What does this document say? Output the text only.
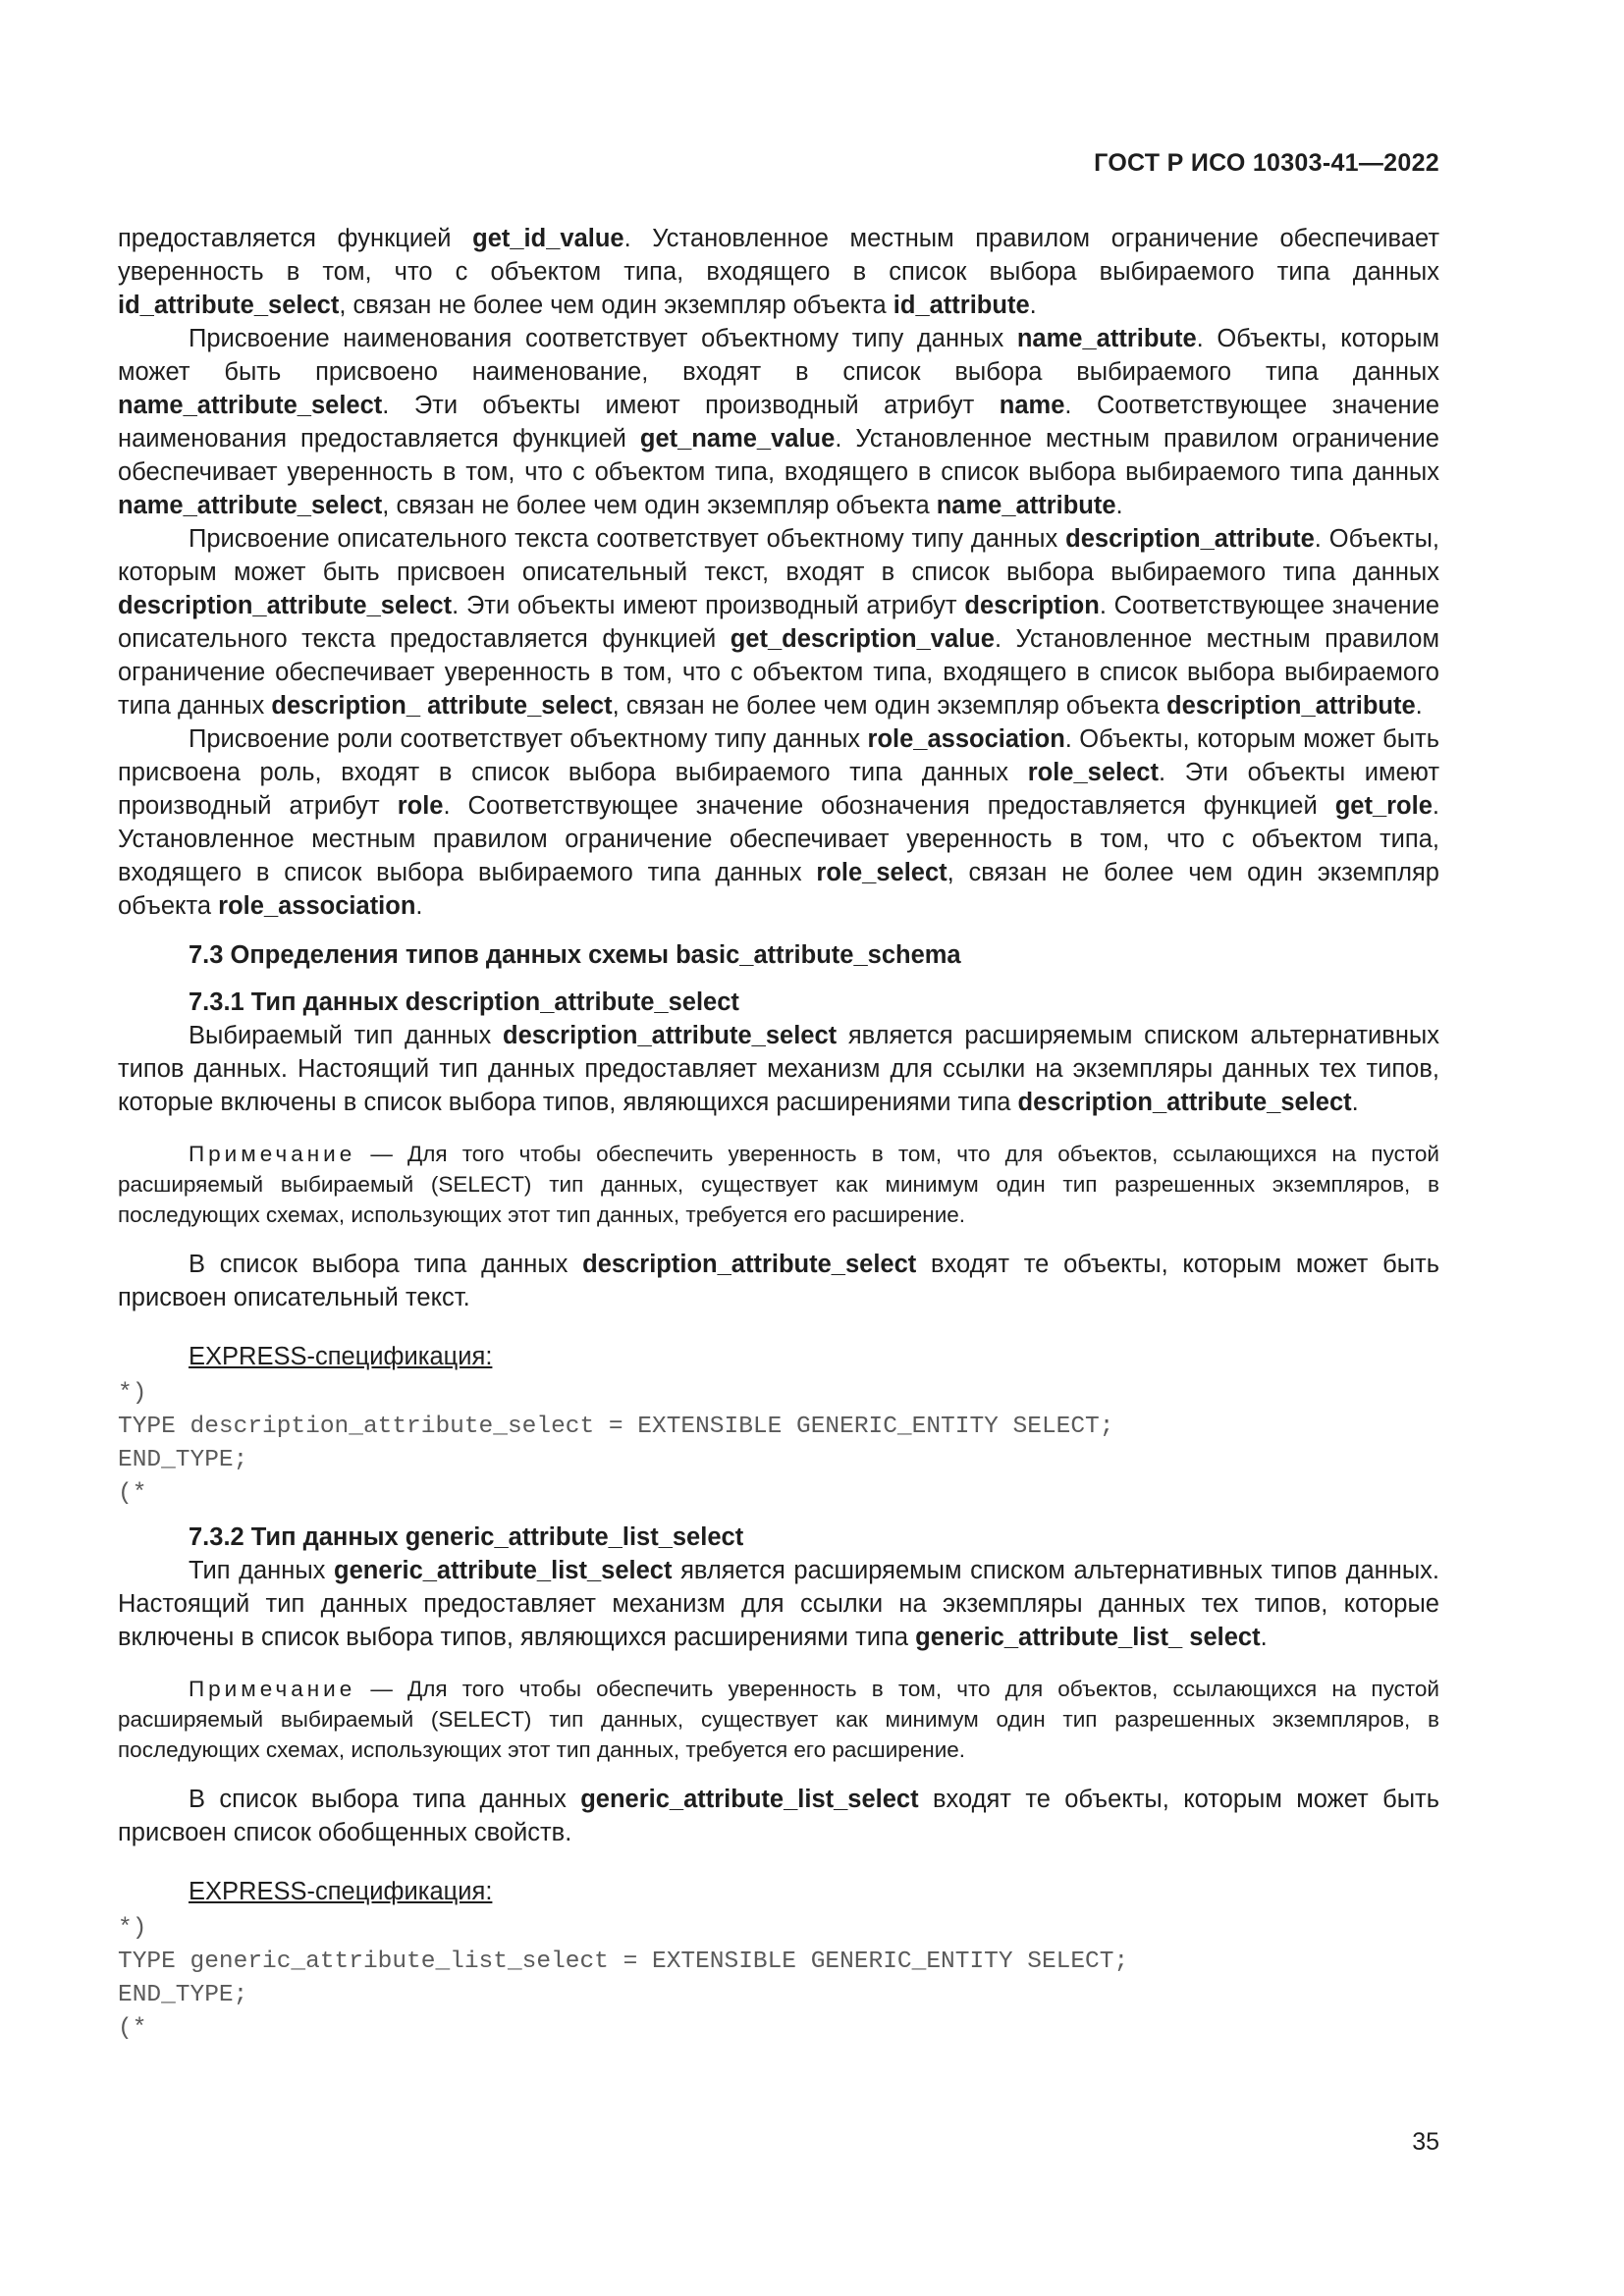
ГОСТ Р ИСО 10303-41—2022

предоставляется функцией get_id_value. Установленное местным правилом ограничение обеспечивает уверенность в том, что с объектом типа, входящего в список выбора выбираемого типа данных id_attribute_select, связан не более чем один экземпляр объекта id_attribute.

Присвоение наименования соответствует объектному типу данных name_attribute. Объекты, которым может быть присвоено наименование, входят в список выбора выбираемого типа данных name_attribute_select. Эти объекты имеют производный атрибут name. Соответствующее значение наименования предоставляется функцией get_name_value. Установленное местным правилом ограничение обеспечивает уверенность в том, что с объектом типа, входящего в список выбора выбираемого типа данных name_attribute_select, связан не более чем один экземпляр объекта name_attribute.

Присвоение описательного текста соответствует объектному типу данных description_attribute. Объекты, которым может быть присвоен описательный текст, входят в список выбора выбираемого типа данных description_attribute_select. Эти объекты имеют производный атрибут description. Соответствующее значение описательного текста предоставляется функцией get_description_value. Установленное местным правилом ограничение обеспечивает уверенность в том, что с объектом типа, входящего в список выбора выбираемого типа данных description_ attribute_select, связан не более чем один экземпляр объекта description_attribute.

Присвоение роли соответствует объектному типу данных role_association. Объекты, которым может быть присвоена роль, входят в список выбора выбираемого типа данных role_select. Эти объекты имеют производный атрибут role. Соответствующее значение обозначения предоставляется функцией get_role. Установленное местным правилом ограничение обеспечивает уверенность в том, что с объектом типа, входящего в список выбора выбираемого типа данных role_select, связан не более чем один экземпляр объекта role_association.

7.3 Определения типов данных схемы basic_attribute_schema
7.3.1 Тип данных description_attribute_select

Выбираемый тип данных description_attribute_select является расширяемым списком альтернативных типов данных. Настоящий тип данных предоставляет механизм для ссылки на экземпляры данных тех типов, которые включены в список выбора типов, являющихся расширениями типа description_attribute_select.

Примечание — Для того чтобы обеспечить уверенность в том, что для объектов, ссылающихся на пустой расширяемый выбираемый (SELECT) тип данных, существует как минимум один тип разрешенных экземпляров, в последующих схемах, использующих этот тип данных, требуется его расширение.

В список выбора типа данных description_attribute_select входят те объекты, которым может быть присвоен описательный текст.

EXPRESS-спецификация:
*)
TYPE description_attribute_select = EXTENSIBLE GENERIC_ENTITY SELECT;
END_TYPE;
(*
7.3.2 Тип данных generic_attribute_list_select

Тип данных generic_attribute_list_select является расширяемым списком альтернативных типов данных. Настоящий тип данных предоставляет механизм для ссылки на экземпляры данных тех типов, которые включены в список выбора типов, являющихся расширениями типа generic_attribute_list_ select.

Примечание — Для того чтобы обеспечить уверенность в том, что для объектов, ссылающихся на пустой расширяемый выбираемый (SELECT) тип данных, существует как минимум один тип разрешенных экземпляров, в последующих схемах, использующих этот тип данных, требуется его расширение.

В список выбора типа данных generic_attribute_list_select входят те объекты, которым может быть присвоен список обобщенных свойств.

EXPRESS-спецификация:
*)
TYPE generic_attribute_list_select = EXTENSIBLE GENERIC_ENTITY SELECT;
END_TYPE;
(*
35
